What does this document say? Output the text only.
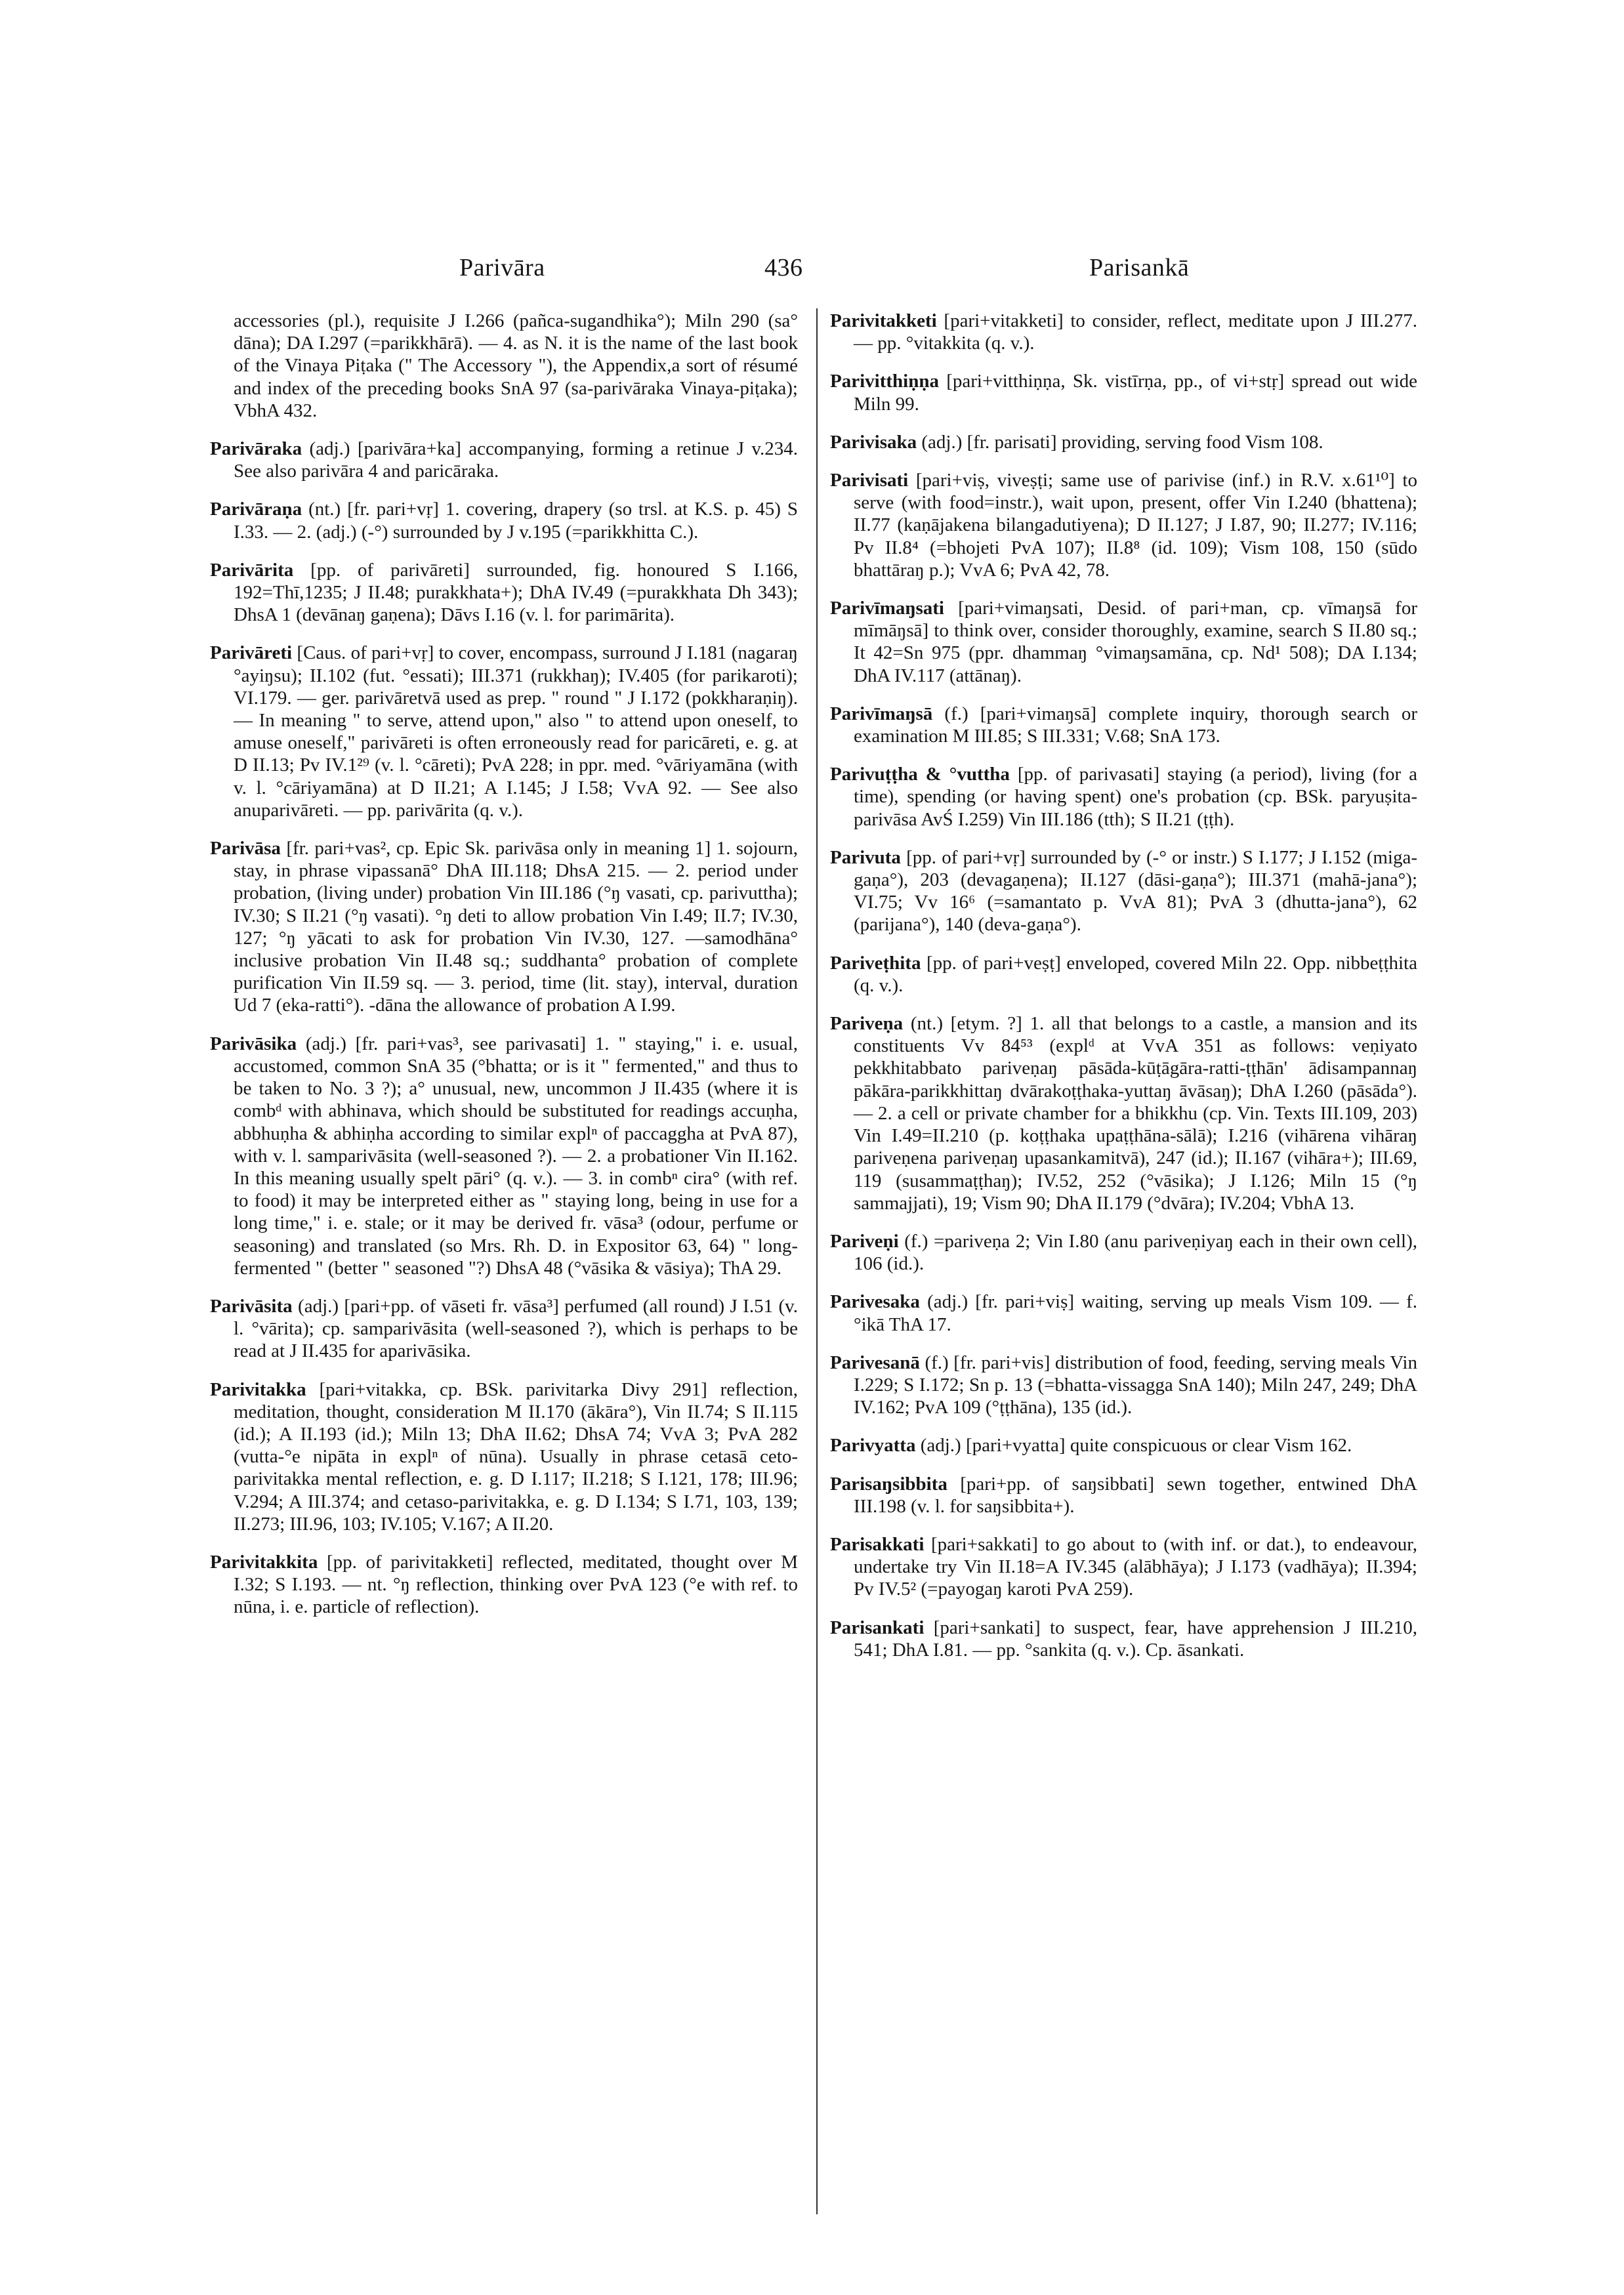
Parivāra	436	Parisankā

accessories (pl.), requisite J I.266 (pañca-sugandhika°); Miln 290 (sa° dāna); DA I.297 (=parikkhārā). — 4. as N. it is the name of the last book of the Vinaya Piṭaka (" The Accessory "), the Appendix,a sort of résumé and index of the preceding books SnA 97 (sa-parivāraka Vinaya-piṭaka); VbhA 432.

Parivāraka (adj.) [parivāra+ka] accompanying, forming a retinue J v.234. See also parivāra 4 and paricāraka.

Parivāraṇa (nt.) [fr. pari+vṛ] 1. covering, drapery (so trsl. at K.S. p. 45) S I.33. — 2. (adj.) (-°) surrounded by J v.195 (=parikkhitta C.).

Parivārita [pp. of parivāreti] surrounded, fig. honoured S I.166, 192=Thī,1235; J II.48; purakkhata+); DhA IV.49 (=purakkhata Dh 343); DhsA 1 (devānaŋ gaṇena); Dāvs I.16 (v. l. for parimārita).

Parivāreti [Caus. of pari+vṛ] to cover, encompass, surround J I.181 (nagaraŋ °ayiŋsu); II.102 (fut. °essati); III.371 (rukkhaŋ); IV.405 (for parikaroti); VI.179. — ger. parivāretvā used as prep. " round " J I.172 (pokkharaṇiŋ). — In meaning " to serve, attend upon," also " to attend upon oneself, to amuse oneself," parivāreti is often erroneously read for paricāreti, e. g. at D II.13; Pv IV.1²⁹ (v. l. °cāreti); PvA 228; in ppr. med. °vāriyamāna (with v. l. °cāriyamāna) at D II.21; A I.145; J I.58; VvA 92. — See also anuparivāreti. — pp. parivārita (q. v.).

Parivāsa [fr. pari+vas², cp. Epic Sk. parivāsa only in meaning 1] 1. sojourn, stay, in phrase vipassanā° DhA III.118; DhsA 215. — 2. period under probation, (living under) probation Vin III.186 (°ŋ vasati, cp. parivuttha); IV.30; S II.21 (°ŋ vasati). °ŋ deti to allow probation Vin I.49; II.7; IV.30, 127; °ŋ yācati to ask for probation Vin IV.30, 127. —samodhāna° inclusive probation Vin II.48 sq.; suddhanta° probation of complete purification Vin II.59 sq. — 3. period, time (lit. stay), interval, duration Ud 7 (eka-ratti°). -dāna the allowance of probation A I.99.

Parivāsika (adj.) [fr. pari+vas³, see parivasati] 1. " staying," i. e. usual, accustomed, common SnA 35 (°bhatta; or is it " fermented," and thus to be taken to No. 3 ?); a° unusual, new, uncommon J II.435 (where it is combᵈ with abhinava, which should be substituted for readings accuṇha, abbhuṇha & abhiṇha according to similar explⁿ of paccaggha at PvA 87), with v. l. samparivāsita (well-seasoned ?). — 2. a probationer Vin II.162. In this meaning usually spelt pāri° (q. v.). — 3. in combⁿ cira° (with ref. to food) it may be interpreted either as " staying long, being in use for a long time," i. e. stale; or it may be derived fr. vāsa³ (odour, perfume or seasoning) and translated (so Mrs. Rh. D. in Expositor 63, 64) " long-fermented " (better " seasoned "?) DhsA 48 (°vāsika & vāsiya); ThA 29.

Parivāsita (adj.) [pari+pp. of vāseti fr. vāsa³] perfumed (all round) J I.51 (v. l. °vārita); cp. samparivāsita (well-seasoned ?), which is perhaps to be read at J II.435 for aparivāsika.

Parivitakka [pari+vitakka, cp. BSk. parivitarka Divy 291] reflection, meditation, thought, consideration M II.170 (ākāra°), Vin II.74; S II.115 (id.); A II.193 (id.); Miln 13; DhA II.62; DhsA 74; VvA 3; PvA 282 (vutta-°e nipāta in explⁿ of nūna). Usually in phrase cetasā ceto-parivitakka mental reflection, e. g. D I.117; II.218; S I.121, 178; III.96; V.294; A III.374; and cetaso-parivitakka, e. g. D I.134; S I.71, 103, 139; II.273; III.96, 103; IV.105; V.167; A II.20.

Parivitakkita [pp. of parivitakketi] reflected, meditated, thought over M I.32; S I.193. — nt. °ŋ reflection, thinking over PvA 123 (°e with ref. to nūna, i. e. particle of reflection).

Parivitakketi [pari+vitakketi] to consider, reflect, meditate upon J III.277. — pp. °vitakkita (q. v.).

Parivitthiṇṇa [pari+vitthiṇṇa, Sk. vistīrṇa, pp., of vi+stṛ] spread out wide Miln 99.

Parivisaka (adj.) [fr. parisati] providing, serving food Vism 108.

Parivisati [pari+viṣ, viveṣṭi; same use of parivise (inf.) in R.V. x.61¹⁰] to serve (with food=instr.), wait upon, present, offer Vin I.240 (bhattena); II.77 (kaṇājakena bilangadutiyena); D II.127; J I.87, 90; II.277; IV.116; Pv II.8⁴ (=bhojeti PvA 107); II.8⁸ (id. 109); Vism 108, 150 (sūdo bhattāraŋ p.); VvA 6; PvA 42, 78.

Parivīmaŋsati [pari+vimaŋsati, Desid. of pari+man, cp. vīmaŋsā for mīmāŋsā] to think over, consider thoroughly, examine, search S II.80 sq.; It 42=Sn 975 (ppr. dhammaŋ °vimaŋsamāna, cp. Nd¹ 508); DA I.134; DhA IV.117 (attānaŋ).

Parivīmaŋsā (f.) [pari+vimaŋsā] complete inquiry, thorough search or examination M III.85; S III.331; V.68; SnA 173.

Parivuṭṭha & °vuttha [pp. of parivasati] staying (a period), living (for a time), spending (or having spent) one's probation (cp. BSk. paryuṣita-parivāsa AvŚ I.259) Vin III.186 (tth); S II.21 (ṭṭh).

Parivuta [pp. of pari+vṛ] surrounded by (-° or instr.) S I.177; J I.152 (miga-gaṇa°), 203 (devagaṇena); II.127 (dāsi-gaṇa°); III.371 (mahā-jana°); VI.75; Vv 16⁶ (=samantato p. VvA 81); PvA 3 (dhutta-jana°), 62 (parijana°), 140 (deva-gaṇa°).

Pariveṭhita [pp. of pari+veṣṭ] enveloped, covered Miln 22. Opp. nibbeṭṭhita (q. v.).

Pariveṇa (nt.) [etym. ?] 1. all that belongs to a castle, a mansion and its constituents Vv 84⁵³ (explᵈ at VvA 351 as follows: veṇiyato pekkhitabbato pariveṇaŋ pāsāda-kūṭāgāra-ratti-ṭṭhān' ādisampannaŋ pākāra-parikkhittaŋ dvārakoṭṭhaka-yuttaŋ āvāsaŋ); DhA I.260 (pāsāda°). — 2. a cell or private chamber for a bhikkhu (cp. Vin. Texts III.109, 203) Vin I.49=II.210 (p. koṭṭhaka upaṭṭhāna-sālā); I.216 (vihārena vihāraŋ pariveṇena pariveṇaŋ upasankamitvā), 247 (id.); II.167 (vihāra+); III.69, 119 (susammaṭṭhaŋ); IV.52, 252 (°vāsika); J I.126; Miln 15 (°ŋ sammajjati), 19; Vism 90; DhA II.179 (°dvāra); IV.204; VbhA 13.

Pariveṇi (f.) =pariveṇa 2; Vin I.80 (anu pariveṇiyaŋ each in their own cell), 106 (id.).

Parivesaka (adj.) [fr. pari+viṣ] waiting, serving up meals Vism 109. — f. °ikā ThA 17.

Parivesanā (f.) [fr. pari+vis] distribution of food, feeding, serving meals Vin I.229; S I.172; Sn p. 13 (=bhatta-vissagga SnA 140); Miln 247, 249; DhA IV.162; PvA 109 (°ṭṭhāna), 135 (id.).

Parivyatta (adj.) [pari+vyatta] quite conspicuous or clear Vism 162.

Parisaŋsibbita [pari+pp. of saŋsibbati] sewn together, entwined DhA III.198 (v. l. for saŋsibbita+).

Parisakkati [pari+sakkati] to go about to (with inf. or dat.), to endeavour, undertake try Vin II.18=A IV.345 (alābhāya); J I.173 (vadhāya); II.394; Pv IV.5² (=payogaŋ karoti PvA 259).

Parisankati [pari+sankati] to suspect, fear, have apprehension J III.210, 541; DhA I.81. — pp. °sankita (q. v.). Cp. āsankati.
